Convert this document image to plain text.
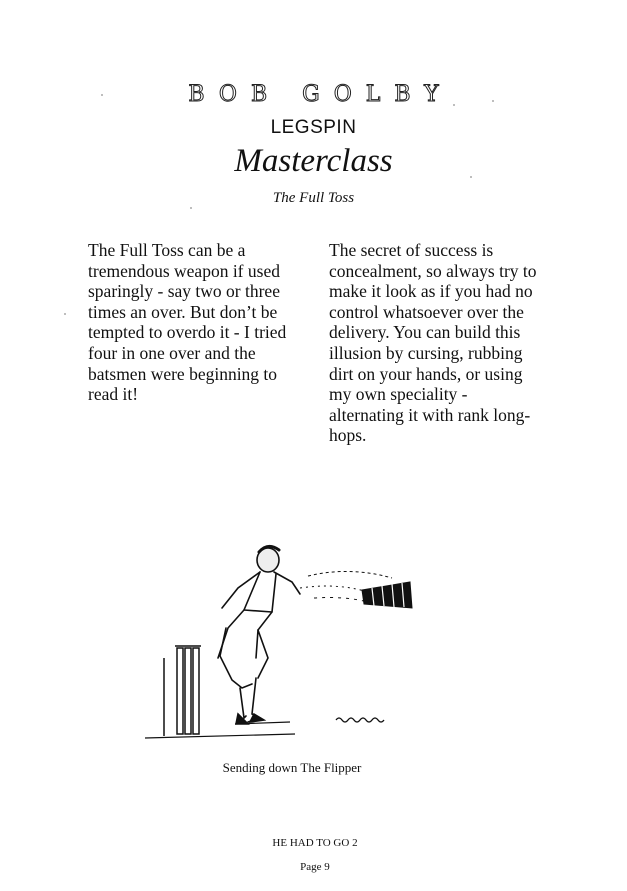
BOB GOLBY
LEGSPIN
Masterclass
The Full Toss
The Full Toss can be a tremendous weapon if used sparingly - say two or three times an over. But don’t be tempted to overdo it - I tried four in one over and the batsmen were beginning to read it!
The secret of success is concealment, so always try to make it look as if you had no control whatsoever over the delivery. You can build this illusion by cursing, rubbing dirt on your hands, or using my own speciality - alternating it with rank long-hops.
Sending down The Flipper
HE HAD TO GO 2
Page 9
